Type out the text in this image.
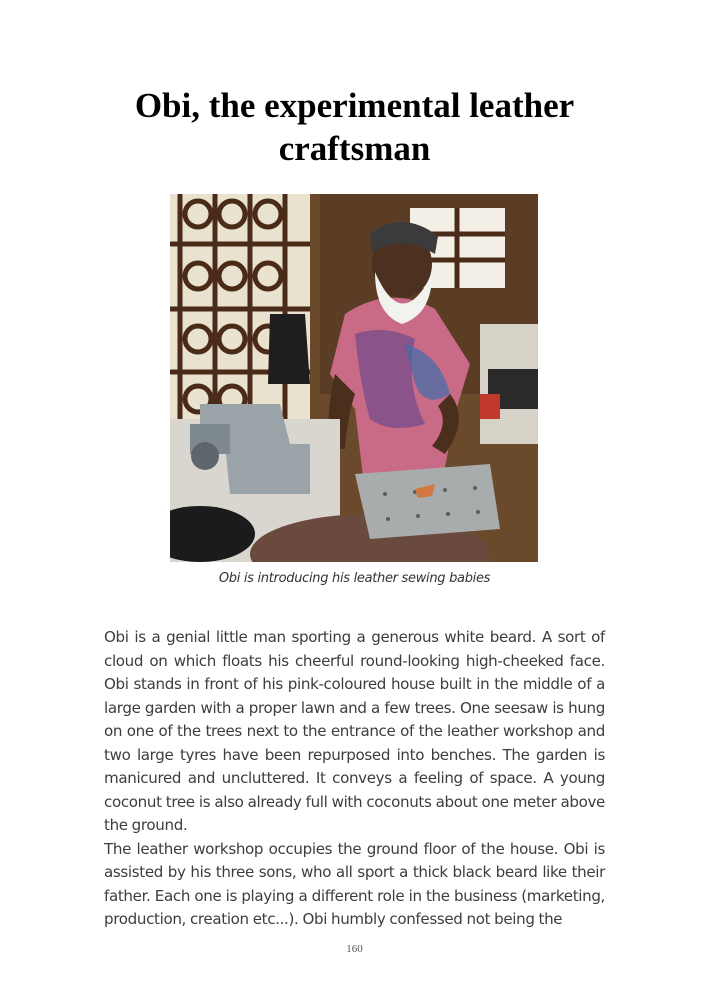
Obi, the experimental leather craftsman

Obi is introducing his leather sewing babies

Obi is a genial little man sporting a generous white beard. A sort of cloud on which floats his cheerful round-looking high-cheeked face. Obi stands in front of his pink-coloured house built in the middle of a large garden with a proper lawn and a few trees. One seesaw is hung on one of the trees next to the entrance of the leather workshop and two large tyres have been repurposed into benches. The garden is manicured and uncluttered. It conveys a feeling of space. A young coconut tree is also already full with coconuts about one meter above the ground.

The leather workshop occupies the ground floor of the house. Obi is assisted by his three sons, who all sport a thick black beard like their father. Each one is playing a different role in the business (marketing, production, creation etc...). Obi humbly confessed not being the

160
